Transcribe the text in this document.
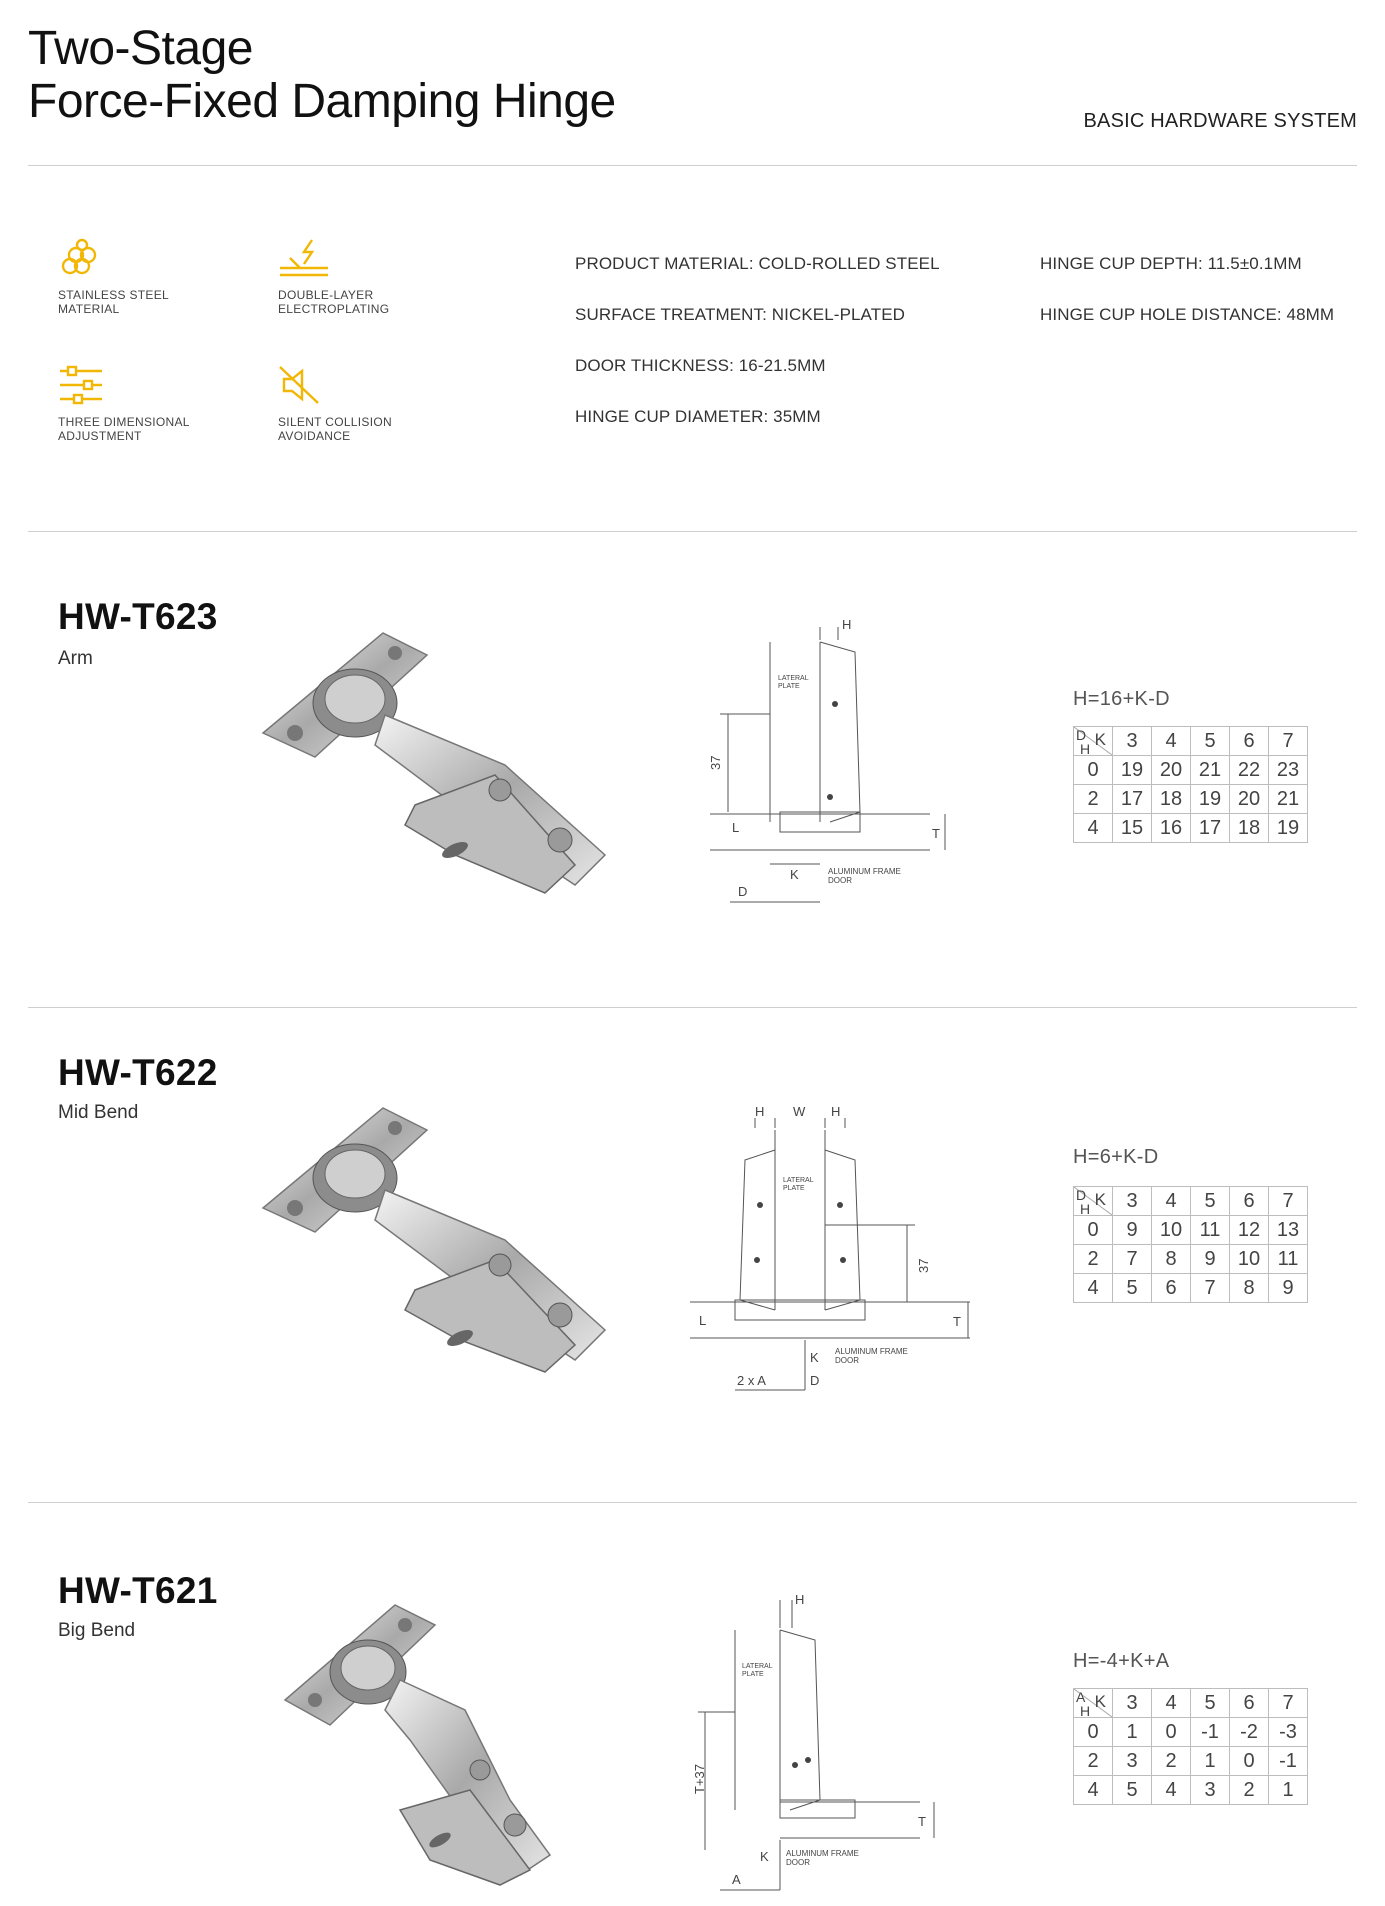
Two-Stage
Force-Fixed Damping Hinge	BASIC HARDWARE SYSTEM
STAINLESS STEEL
MATERIAL
DOUBLE-LAYER
ELECTROPLATING
THREE DIMENSIONAL
ADJUSTMENT
SILENT COLLISION
AVOIDANCE
PRODUCT MATERIAL: COLD-ROLLED STEEL
SURFACE TREATMENT: NICKEL-PLATED
DOOR THICKNESS: 16-21.5MM
HINGE CUP DIAMETER: 35MM
HINGE CUP DEPTH: 11.5±0.1MM
HINGE CUP HOLE DISTANCE: 48MM
HW-T623
Arm
H
LATERAL
PLATE
37
L	T
K
D
ALUMINUM FRAME
DOOR
H=16+K-D
D K
H	3	4	5	6	7
0	19	20	21	22	23
2	17	18	19	20	21
4	15	16	17	18	19
HW-T622
Mid Bend	H W H
LATERAL
PLATE
37
L	T
K
2 x A	D
ALUMINUM FRAME
DOOR
H=6+K-D
D K
H	3	4	5	6	7
0	9	10	11	12	13
2	7	8	9	10	11
4	5	6	7	8	9
HW-T621
Big Bend
H
LATERAL
PLATE
T+37
T
K
A
ALUMINUM FRAME
DOOR
H=-4+K+A
A K
H	3	4	5	6	7
0	1	0	-1	-2	-3
2	3	2	1	0	-1
4	5	4	3	2	1
